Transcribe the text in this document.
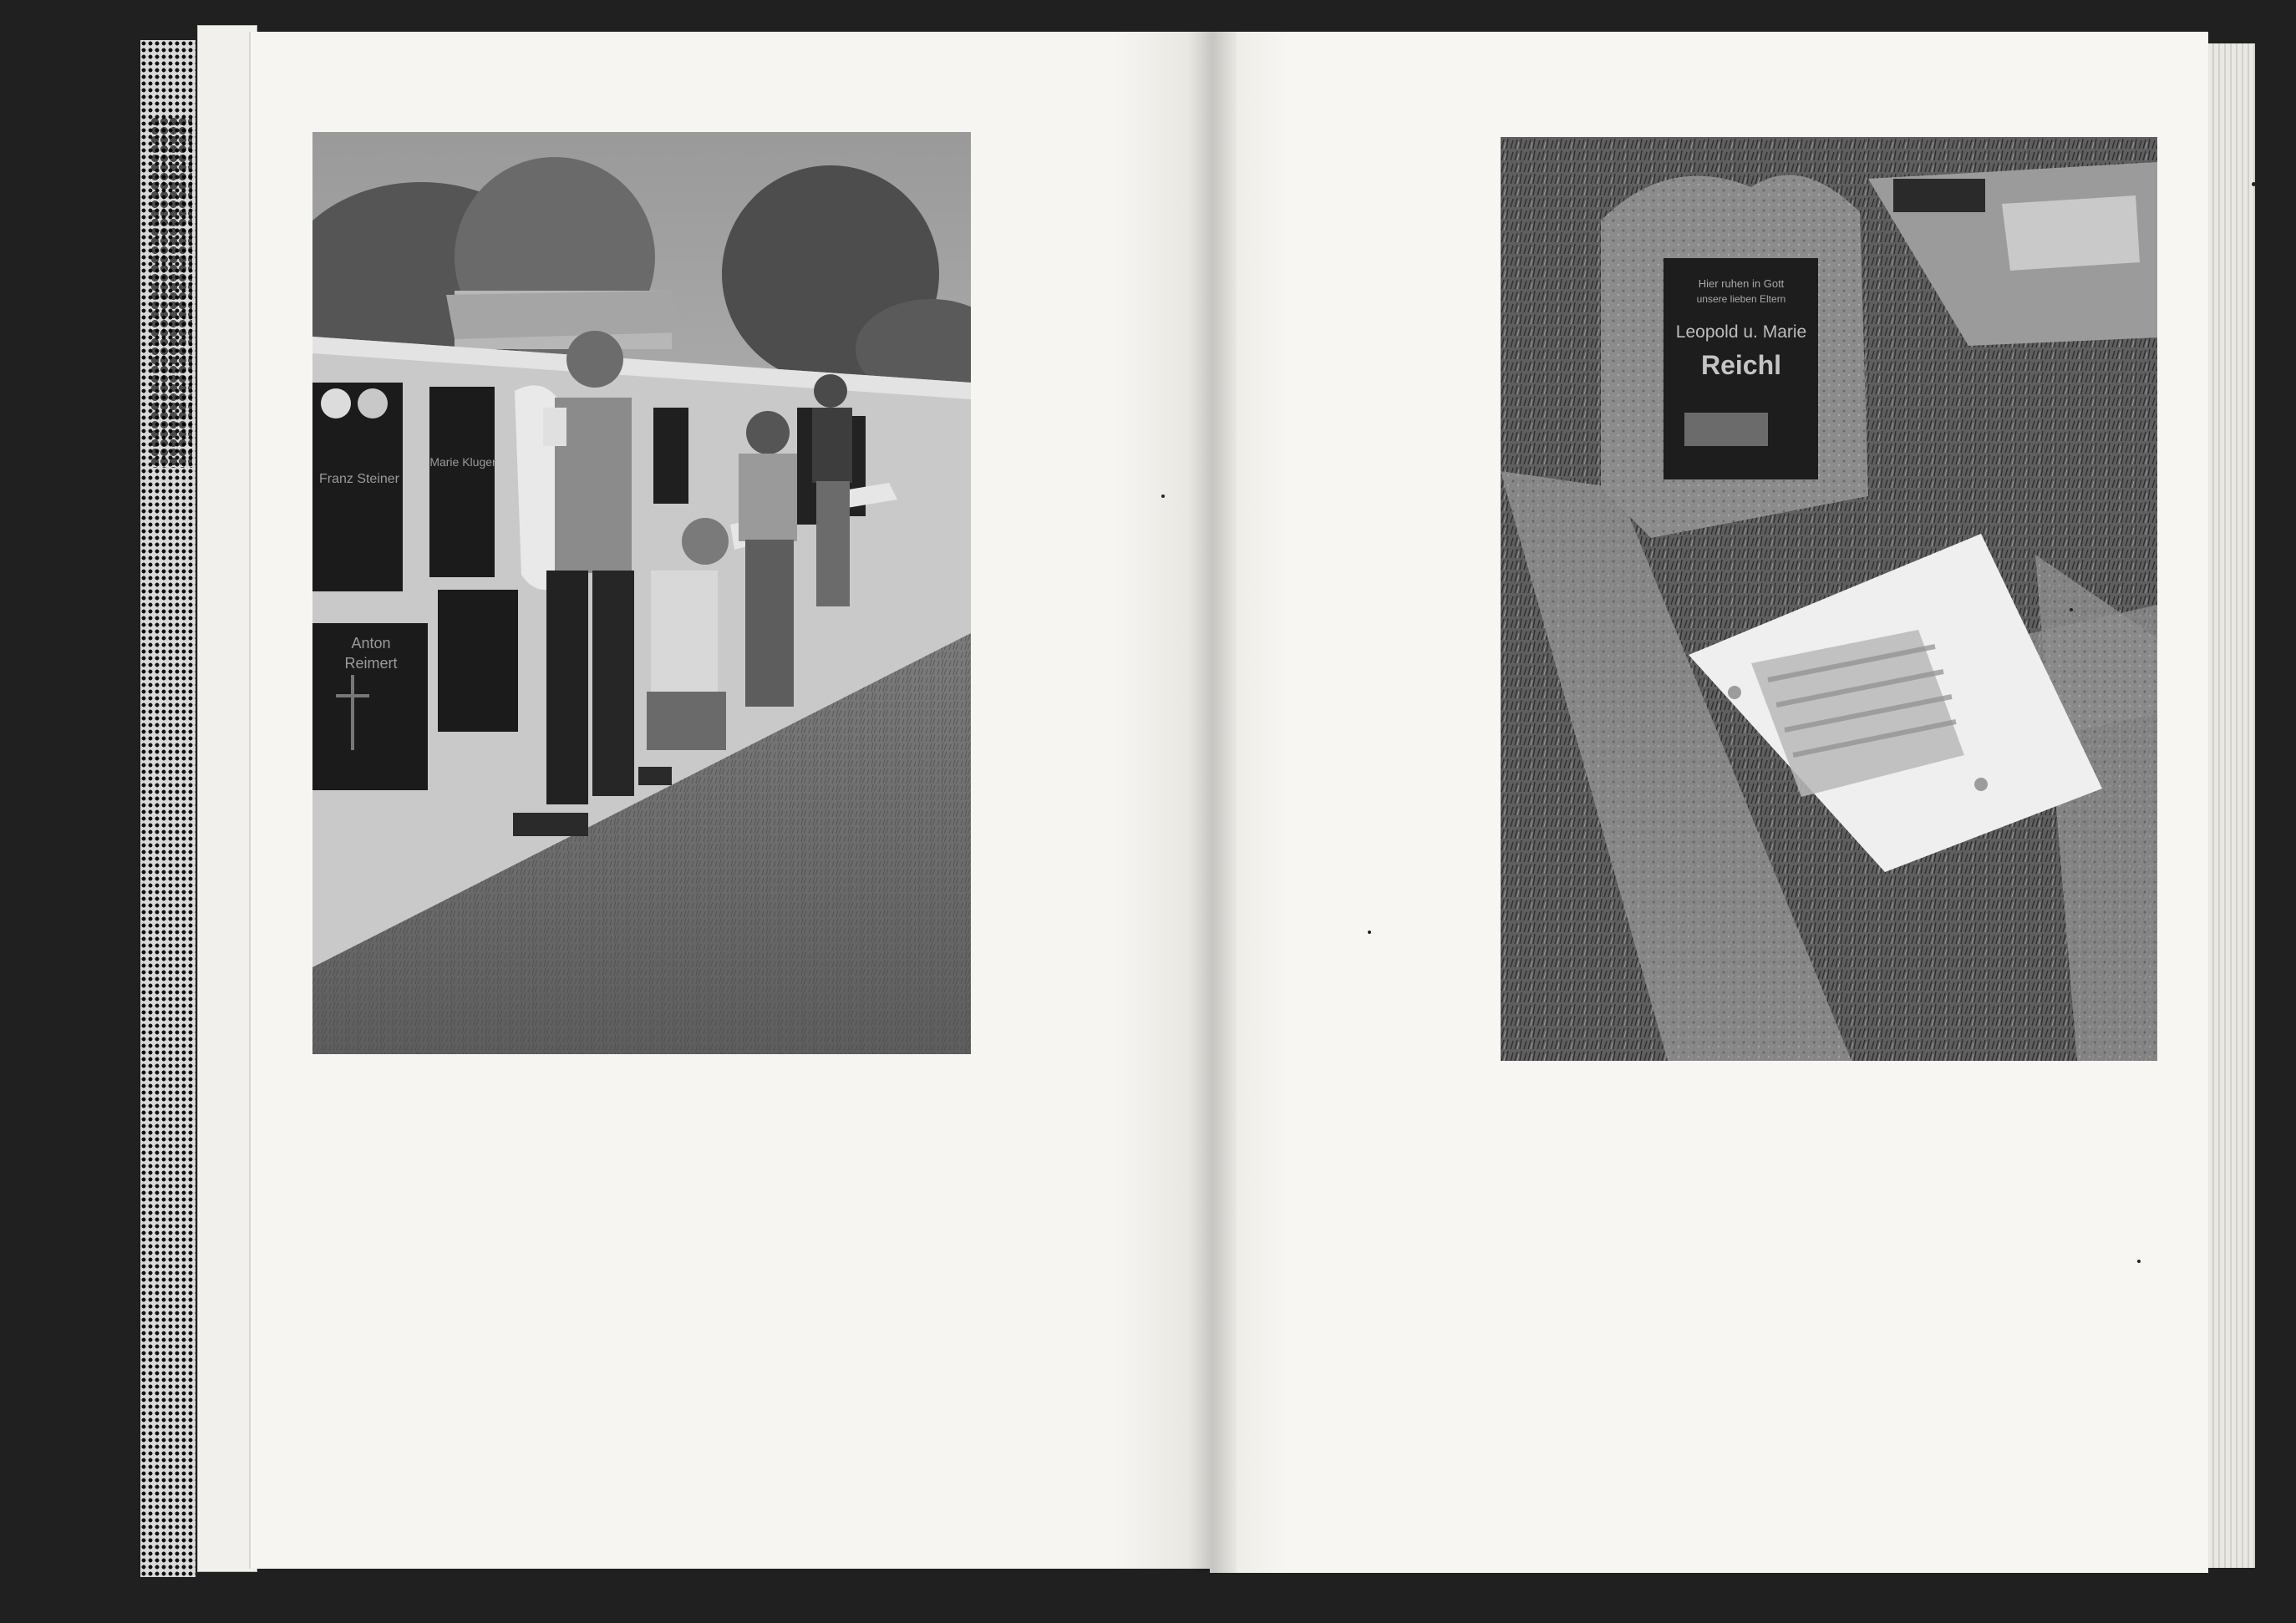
Franz Steiner
Marie Kluger
Anton
Reimert
Hier ruhen in Gott
unsere lieben Eltern
Leopold u. Marie
Reichl
